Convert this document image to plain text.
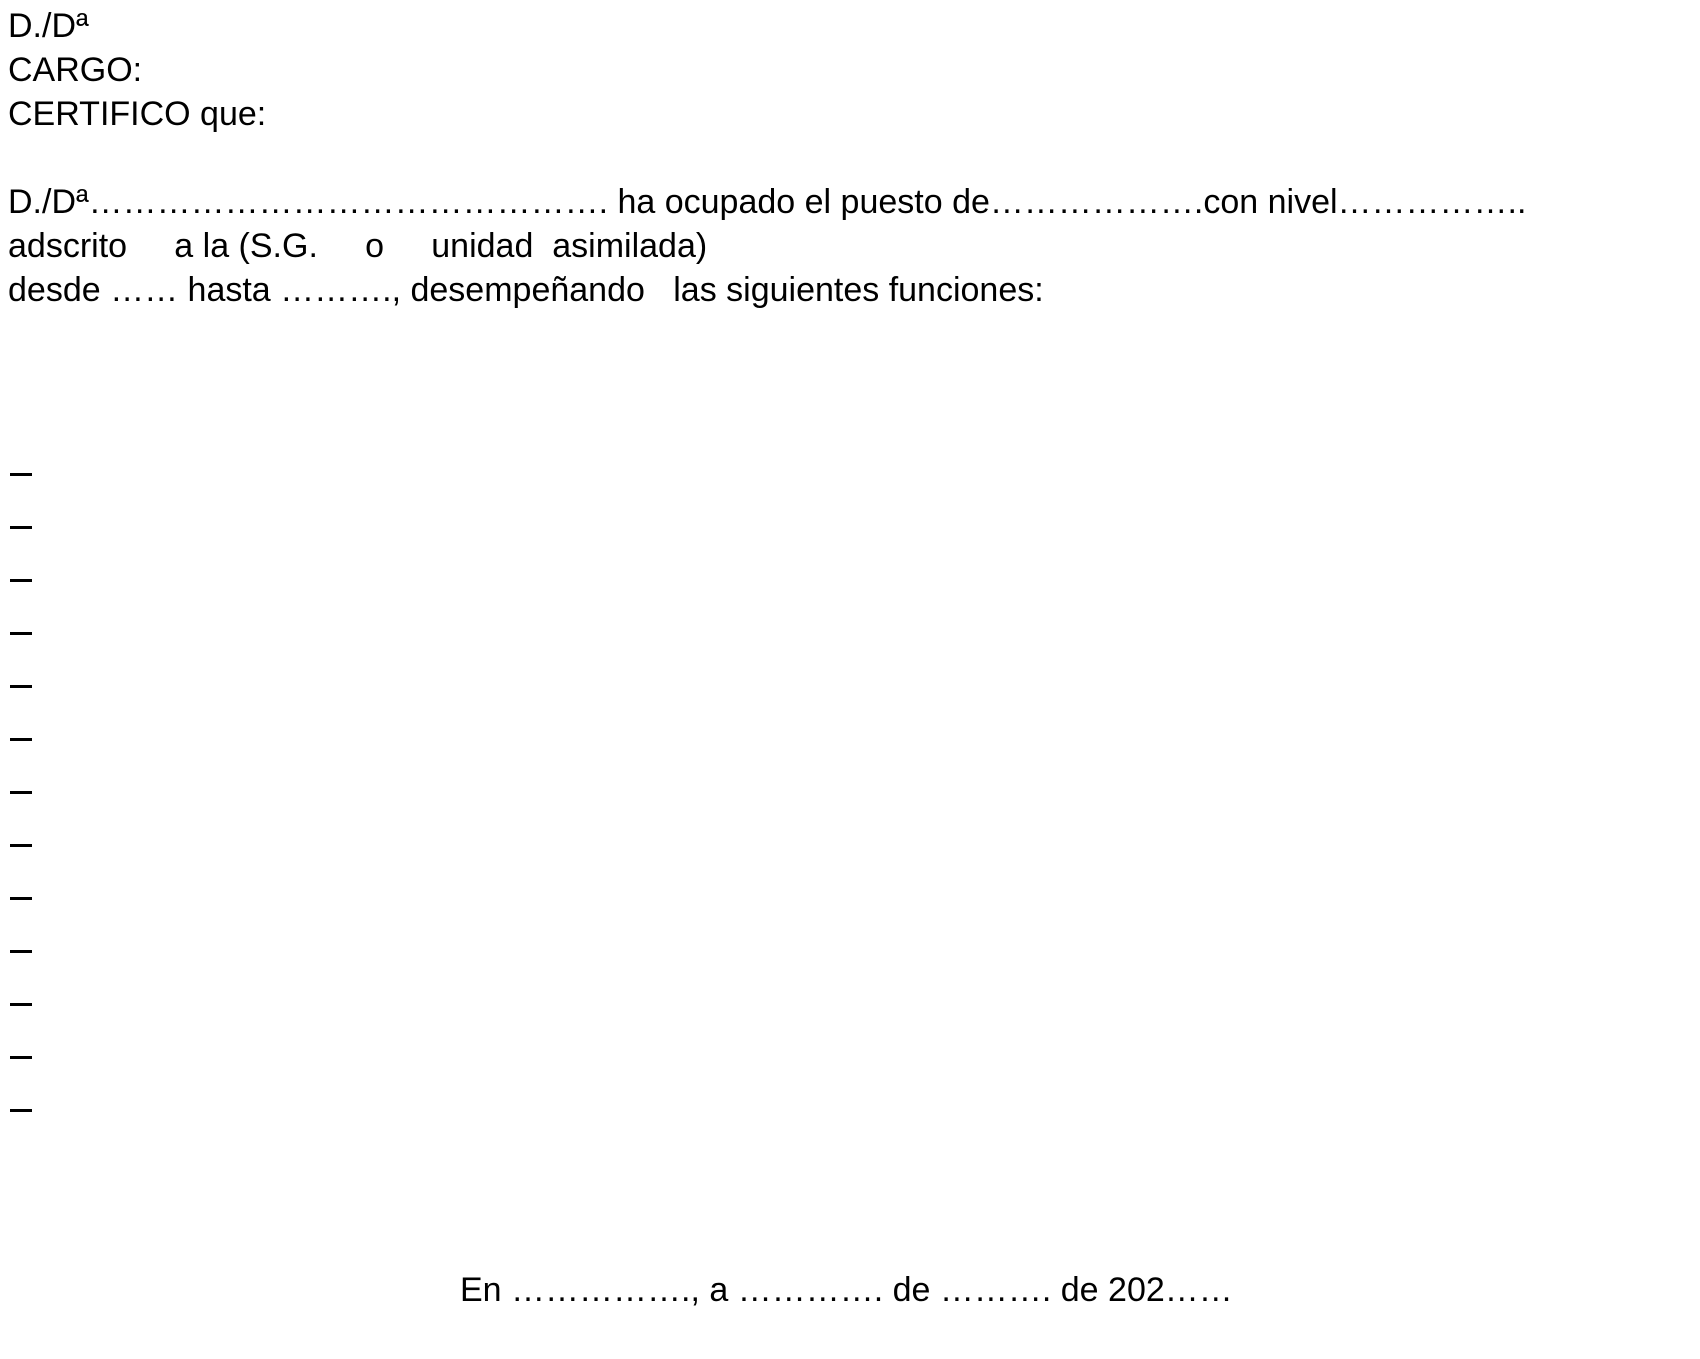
D./Dª
CARGO:
CERTIFICO que:
D./Dª………………………………………. ha ocupado el puesto de……………….con nivel……………..
adscrito     a la (S.G.     o     unidad  asimilada)
desde …… hasta ………., desempeñando   las siguientes funciones:
En ……………., a …………. de ………. de 202……
